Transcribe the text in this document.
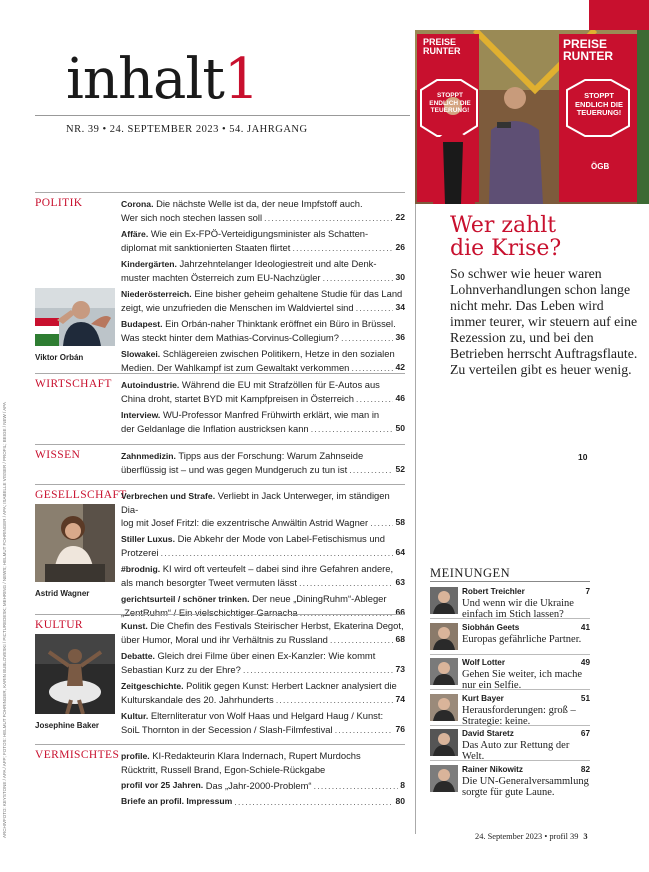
inhalt1
NR. 39 • 24. SEPTEMBER 2023 • 54. JAHRGANG
POLITIK	Corona. Die nächste Welle ist da, der neue Impfstoff auch.
Wer sich noch stechen lassen soll .....	22
Affäre. Wie ein Ex-FPÖ-Verteidigungsminister als Schatten-
diplomat mit sanktionierten Staaten flirtet .....	26
Kindergärten. Jahrzehntelanger Ideologiestreit und alte Denk-
muster machten Österreich zum EU-Nachzügler .....	30
Niederösterreich. Eine bisher geheim gehaltene Studie für das Land
zeigt, wie unzufrieden die Menschen im Waldviertel sind .....	34
Budapest. Ein Orbán-naher Thinktank eröffnet ein Büro in Brüssel.
Was steckt hinter dem Mathias-Corvinus-Collegium? .....	36
Slowakei. Schlägereien zwischen Politikern, Hetze in den sozialen
Medien. Der Wahlkampf ist zum Gewaltakt verkommen .....	42
Viktor Orbán
WIRTSCHAFT Autoindustrie. Während die EU mit Strafzöllen für E-Autos aus
China droht, startet BYD mit Kampfpreisen in Österreich .....	46
Interview. WU-Professor Manfred Frühwirth erklärt, wie man in
der Geldanlage die Inflation austricksen kann .....	50
WISSEN	Zahnmedizin. Tipps aus der Forschung: Warum Zahnseide
überflüssig ist – und was gegen Mundgeruch zu tun ist .....	52
GESELLSCHAFT
Verbrechen und Strafe. Verliebt in Jack Unterweger, im ständigen Dia-
log mit Josef Fritzl: die exzentrische Anwältin Astrid Wagner .....	58
Stiller Luxus. Die Abkehr der Mode von Label-Fetischismus und
Protzerei .....	64
#brodnig. KI wird oft verteufelt – dabei sind ihre Gefahren andere,
als manch besorgter Tweet vermuten lässt .....	63
gerichtsurteil / schöner trinken. Der neue „DiningRuhm“-Ableger
„ZentRuhm“ / Ein vielschichtiger Garnacha .....	66
Astrid Wagner
KULTUR	Kunst. Die Chefin des Festivals Steirischer Herbst, Ekaterina Degot,
über Humor, Moral und ihr Verhältnis zu Russland .....	68
Debatte. Gleich drei Filme über einen Ex-Kanzler: Wie kommt
Sebastian Kurz zu der Ehre? .....	73
Zeitgeschichte. Politik gegen Kunst: Herbert Lackner analysiert die
Kulturskandale des 20. Jahrhunderts .....	74
Kultur. Elternliteratur von Wolf Haas und Helgard Haug / Kunst:
SoiL Thornton in der Secession / Slash-Filmfestival .....	76
Josephine Baker
VERMISCHTES profile. KI-Redakteurin Klara Indernach, Rupert Murdochs
Rücktritt, Russell Brand, Egon-Schiele-Rückgabe
profil vor 25 Jahren.
Das „Jahr-2000-Problem“ .....	8
Briefe an profil. Impressum .....	80
PREISE RUNTER	PREISE RUNTER
STOPPT ENDLICH DIE TEUERUNG!
STOPPT ENDLICH DIE TEUERUNG!
ÖGB
Wer zahlt
die Krise?
So schwer wie heuer waren Lohnverhandlungen schon lange nicht mehr. Das Leben wird immer teurer, wir steuern auf eine Rezession zu, und bei den Betrieben herrscht Auftragsflaute. Zu verteilen gibt es heuer wenig.
10
MEINUNGEN
Robert Treichler	7
Und wenn wir die Ukraine einfach im Stich lassen?
Siobhán Geets	41
Europas gefährliche Partner.
Wolf Lotter	49
Gehen Sie weiter, ich mache nur ein Selfie.
Kurt Bayer	51
Herausforderungen: groß – Strategie: keine.
David Staretz	67
Das Auto zur Rettung der Welt.
Rainer Nikowitz	82
Die UN-Generalversammlung sorgte für gute Laune.
24. September 2023 • profil 39 3
ARCHIVFOTO: KEYSTONE / APA / AFP; FOTOS: HELMUT FOHRINGER, KARIN BUBLOVESKI / PICTUREDESK; MEHRING / NEWS; HELMUT FOHRINGER / APA; ISABELLE VISSER / PROFIL; BEIGE / NEW / APA
